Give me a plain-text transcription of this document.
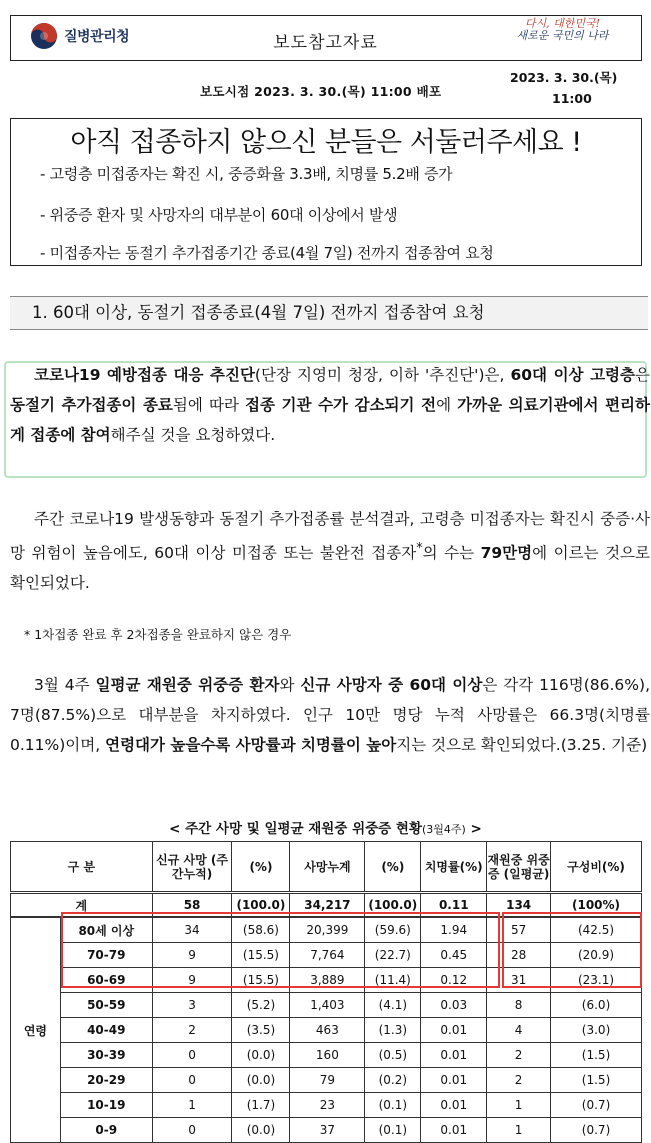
질병관리청	보도참고자료
다시, 대한민국!
새로운 국민의 나라
보도시점 2023. 3. 30.(목) 11:00 배포
2023. 3. 30.(목)
11:00
아직 접종하지 않으신 분들은 서둘러주세요 !
- 고령층 미접종자는 확진 시, 중증화율 3.3배, 치명률 5.2배 증가
- 위중증 환자 및 사망자의 대부분이 60대 이상에서 발생
- 미접종자는 동절기 추가접종기간 종료(4월 7일) 전까지 접종참여 요청
1. 60대 이상, 동절기 접종종료(4월 7일) 전까지 접종참여 요청
코로나19 예방접종 대응 추진단(단장 지영미 청장, 이하 '추진단')은, 60대 이상 고령층은 동절기 추가접종이 종료됨에 따라 접종 기관 수가 감소되기 전에 가까운 의료기관에서 편리하게 접종에 참여해주실 것을 요청하였다.
주간 코로나19 발생동향과 동절기 추가접종률 분석결과, 고령층 미접종자는 확진시 중증·사망 위험이 높음에도, 60대 이상 미접종 또는 불완전 접종자*의 수는 79만명에 이르는 것으로 확인되었다.
* 1차접종 완료 후 2차접종을 완료하지 않은 경우
3월 4주 일평균 재원중 위중증 환자와 신규 사망자 중 60대 이상은 각각 116명(86.6%), 7명(87.5%)으로 대부분을 차지하였다. 인구 10만 명당 누적 사망률은 66.3명(치명률 0.11%)이며, 연령대가 높을수록 사망률과 치명률이 높아지는 것으로 확인되었다.(3.25. 기준)
< 주간 사망 및 일평균 재원중 위중증 현황(3월4주) >
구 분		신규 사망 (주간누적)	(%)	사망누계	(%)	치명률(%)	재원중 위중증 (일평균)	구성비(%)
계		58	(100.0)	34,217	(100.0)	0.11	134	(100%)
연령	80세 이상	34	(58.6)	20,399	(59.6)	1.94	57	(42.5)
	70-79	9	(15.5)	7,764	(22.7)	0.45	28	(20.9)
	60-69	9	(15.5)	3,889	(11.4)	0.12	31	(23.1)
	50-59	3	(5.2)	1,403	(4.1)	0.03	8	(6.0)
	40-49	2	(3.5)	463	(1.3)	0.01	4	(3.0)
	30-39	0	(0.0)	160	(0.5)	0.01	2	(1.5)
	20-29	0	(0.0)	79	(0.2)	0.01	2	(1.5)
	10-19	1	(1.7)	23	(0.1)	0.01	1	(0.7)
	0-9	0	(0.0)	37	(0.1)	0.01	1	(0.7)
